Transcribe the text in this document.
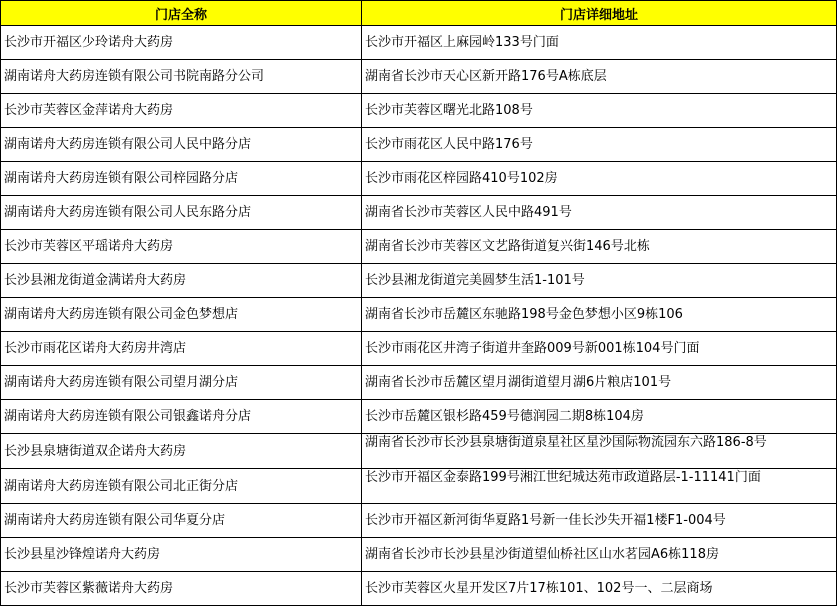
门店全称	门店详细地址
长沙市开福区少玲诺舟大药房	长沙市开福区上麻园岭133号门面
湖南诺舟大药房连锁有限公司书院南路分公司	湖南省长沙市天心区新开路176号A栋底层
长沙市芙蓉区金萍诺舟大药房	长沙市芙蓉区曙光北路108号
湖南诺舟大药房连锁有限公司人民中路分店	长沙市雨花区人民中路176号
湖南诺舟大药房连锁有限公司梓园路分店	长沙市雨花区梓园路410号102房
湖南诺舟大药房连锁有限公司人民东路分店	湖南省长沙市芙蓉区人民中路491号
长沙市芙蓉区平瑶诺舟大药房	湖南省长沙市芙蓉区文艺路街道复兴街146号北栋
长沙县湘龙街道金满诺舟大药房	长沙县湘龙街道完美圆梦生活1-101号
湖南诺舟大药房连锁有限公司金色梦想店	湖南省长沙市岳麓区东驰路198号金色梦想小区9栋106
长沙市雨花区诺舟大药房井湾店	长沙市雨花区井湾子街道井奎路009号新001栋104号门面
湖南诺舟大药房连锁有限公司望月湖分店	湖南省长沙市岳麓区望月湖街道望月湖6片粮店101号
湖南诺舟大药房连锁有限公司银鑫诺舟分店	长沙市岳麓区银杉路459号德润园二期8栋104房
长沙县泉塘街道双企诺舟大药房	湖南省长沙市长沙县泉塘街道泉星社区星沙国际物流园东六路186-8号
湖南诺舟大药房连锁有限公司北正街分店	长沙市开福区金泰路199号湘江世纪城达苑市政道路层-1-11141门面
湖南诺舟大药房连锁有限公司华夏分店	长沙市开福区新河街华夏路1号新一佳长沙失开福1楼F1-004号
长沙县星沙锋煌诺舟大药房	湖南省长沙市长沙县星沙街道望仙桥社区山水茗园A6栋118房
长沙市芙蓉区紫薇诺舟大药房	长沙市芙蓉区火星开发区7片17栋101、102号一、二层商场
